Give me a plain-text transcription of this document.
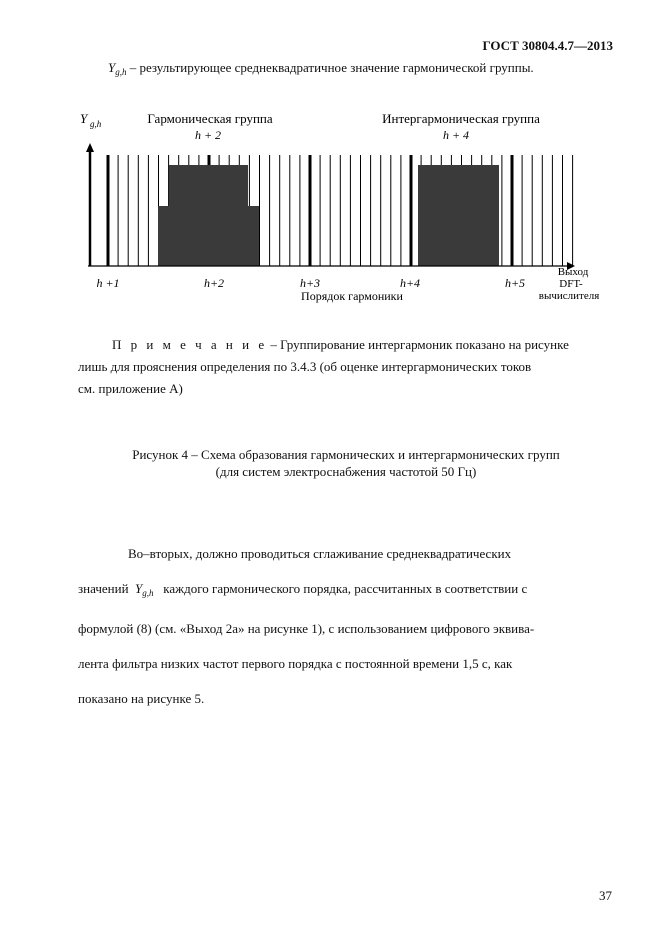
ГОСТ 30804.4.7—2013
$Y_{g,h}$ – результирующее среднеквадратичное значение гармонической группы.
Y g,h	Гармоническая группа
h + 2
Интергармоническая группа
h + 4
h +1	h+2	h+3	h+4	h+5
Порядок гармоники
Выход
DFT-
вычислителя
П р и м е ч а н и е – Группирование интергармоник показано на рисунке
лишь для прояснения определения по 3.4.3 (об оценке интергармонических токов
см. приложение А)
Рисунок 4 – Схема образования гармонических и интергармонических групп
(для систем электроснабжения частотой 50 Гц)
Во–вторых, должно проводиться сглаживание среднеквадратических
значений $Y_{g,h}$ каждого гармонического порядка, рассчитанных в соответствии с
формулой (8) (см. «Выход 2а» на рисунке 1), с использованием цифрового эквива-
лента фильтра низких частот первого порядка с постоянной времени 1,5 с, как
показано на рисунке 5.
37
